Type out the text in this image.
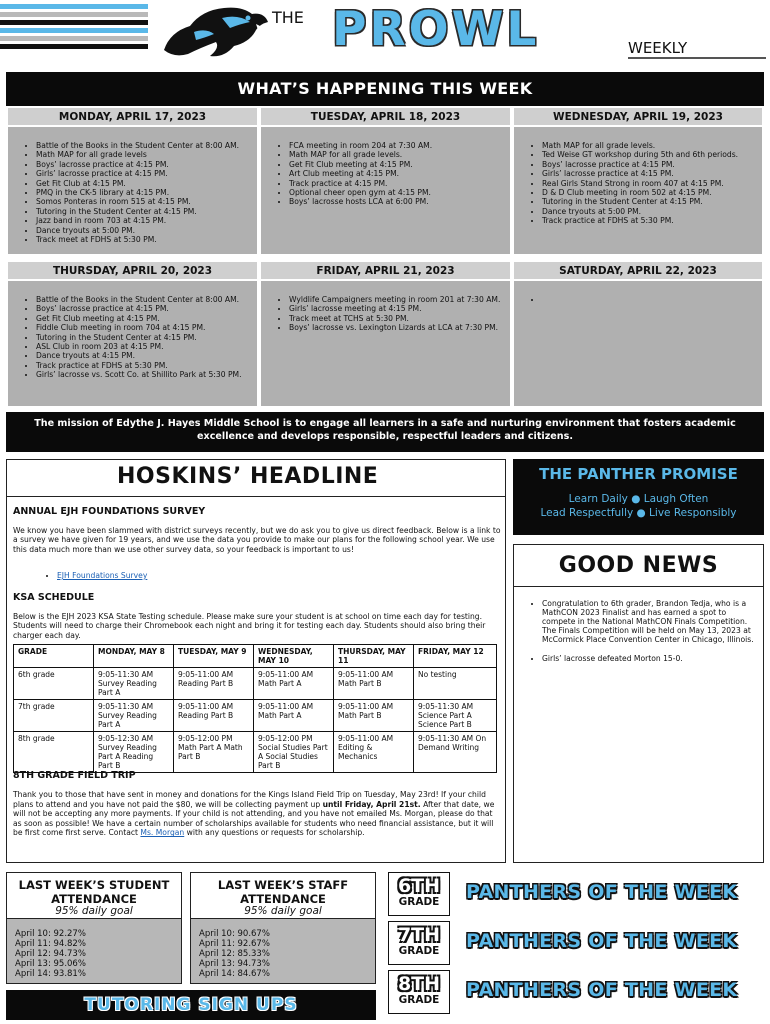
THE PROWL	WEEKLY
WHAT’S HAPPENING THIS WEEK
MONDAY, APRIL 17, 2023
• Battle of the Books in the Student Center at 8:00 AM.
• Math MAP for all grade levels
• Boys’ lacrosse practice at 4:15 PM.
• Girls’ lacrosse practice at 4:15 PM.
• Get Fit Club at 4:15 PM.
• PMQ in the CK-5 library at 4:15 PM.
• Somos Ponteras in room 515 at 4:15 PM.
• Tutoring in the Student Center at 4:15 PM.
• Jazz band in room 703 at 4:15 PM.
• Dance tryouts at 5:00 PM.
• Track meet at FDHS at 5:30 PM.
TUESDAY, APRIL 18, 2023
• FCA meeting in room 204 at 7:30 AM.
• Math MAP for all grade levels.
• Get Fit Club meeting at 4:15 PM.
• Art Club meeting at 4:15 PM.
• Track practice at 4:15 PM.
• Optional cheer open gym at 4:15 PM.
• Boys’ lacrosse hosts LCA at 6:00 PM.
WEDNESDAY, APRIL 19, 2023
• Math MAP for all grade levels.
• Ted Weise GT workshop during 5th and 6th periods.
• Boys’ lacrosse practice at 4:15 PM.
• Girls’ lacrosse practice at 4:15 PM.
• Real Girls Stand Strong in room 407 at 4:15 PM.
• D & D Club meeting in room 502 at 4:15 PM.
• Tutoring in the Student Center at 4:15 PM.
• Dance tryouts at 5:00 PM.
• Track practice at FDHS at 5:30 PM.
THURSDAY, APRIL 20, 2023
• Battle of the Books in the Student Center at 8:00 AM.
• Boys’ lacrosse practice at 4:15 PM.
• Get Fit Club meeting at 4:15 PM.
• Fiddle Club meeting in room 704 at 4:15 PM.
• Tutoring in the Student Center at 4:15 PM.
• ASL Club in room 203 at 4:15 PM.
• Dance tryouts at 4:15 PM.
• Track practice at FDHS at 5:30 PM.
• Girls’ lacrosse vs. Scott Co. at Shillito Park at 5:30 PM.
FRIDAY, APRIL 21, 2023
• Wyldlife Campaigners meeting in room 201 at 7:30 AM.
• Girls’ lacrosse meeting at 4:15 PM.
• Track meet at TCHS at 5:30 PM.
• Boys’ lacrosse vs. Lexington Lizards at LCA at 7:30 PM.
SATURDAY, APRIL 22, 2023
•
The mission of Edythe J. Hayes Middle School is to engage all learners in a safe and nurturing environment that fosters academic excellence and develops responsible, respectful leaders and citizens.
HOSKINS’ HEADLINE
ANNUAL EJH FOUNDATIONS SURVEY
We know you have been slammed with district surveys recently, but we do ask you to give us direct feedback. Below is a link to a survey we have given for 19 years, and we use the data you provide to make our plans for the following school year. We use this data much more than we use other survey data, so your feedback is important to us!
• EJH Foundations Survey
KSA SCHEDULE
Below is the EJH 2023 KSA State Testing schedule. Please make sure your student is at school on time each day for testing. Students will need to charge their Chromebook each night and bring it for testing each day. Students should also bring their charger each day.
GRADE	MONDAY, MAY 8	TUESDAY, MAY 9	WEDNESDAY, MAY 10	THURSDAY, MAY 11	FRIDAY, MAY 12
6th grade	9:05-11:30 AM Survey Reading Part A	9:05-11:00 AM Reading Part B	9:05-11:00 AM Math Part A	9:05-11:00 AM Math Part B	No testing
7th grade	9:05-11:30 AM Survey Reading Part A	9:05-11:00 AM Reading Part B	9:05-11:00 AM Math Part A	9:05-11:00 AM Math Part B	9:05-11:30 AM Science Part A Science Part B
8th grade	9:05-12:30 AM Survey Reading Part A Reading Part B	9:05-12:00 PM Math Part A Math Part B	9:05-12:00 PM Social Studies Part A Social Studies Part B	9:05-11:00 AM Editing & Mechanics	9:05-11:30 AM On Demand Writing
8TH GRADE FIELD TRIP
Thank you to those that have sent in money and donations for the Kings Island Field Trip on Tuesday, May 23rd! If your child plans to attend and you have not paid the $80, we will be collecting payment up until Friday, April 21st. After that date, we will not be accepting any more payments. If your child is not attending, and you have not emailed Ms. Morgan, please do that as soon as possible! We have a certain number of scholarships available for students who need financial assistance, but it will be first come first serve. Contact Ms. Morgan with any questions or requests for scholarship.
THE PANTHER PROMISE
Learn Daily ● Laugh Often
Lead Respectfully ● Live Responsibly
GOOD NEWS
• Congratulation to 6th grader, Brandon Tedja, who is a MathCON 2023 Finalist and has earned a spot to compete in the National MathCON Finals Competition. The Finals Competition will be held on May 13, 2023 at McCormick Place Convention Center in Chicago, Illinois.
• Girls’ lacrosse defeated Morton 15-0.
LAST WEEK’S STUDENT ATTENDANCE
95% daily goal
April 10: 92.27%
April 11: 94.82%
April 12: 94.73%
April 13: 95.06%
April 14: 93.81%
LAST WEEK’S STAFF ATTENDANCE
95% daily goal
April 10: 90.67%
April 11: 92.67%
April 12: 85.33%
April 13: 94.73%
April 14: 84.67%
TUTORING SIGN UPS
6TH
GRADE	PANTHERS OF THE WEEK
7TH
GRADE	PANTHERS OF THE WEEK
8TH
GRADE	PANTHERS OF THE WEEK
